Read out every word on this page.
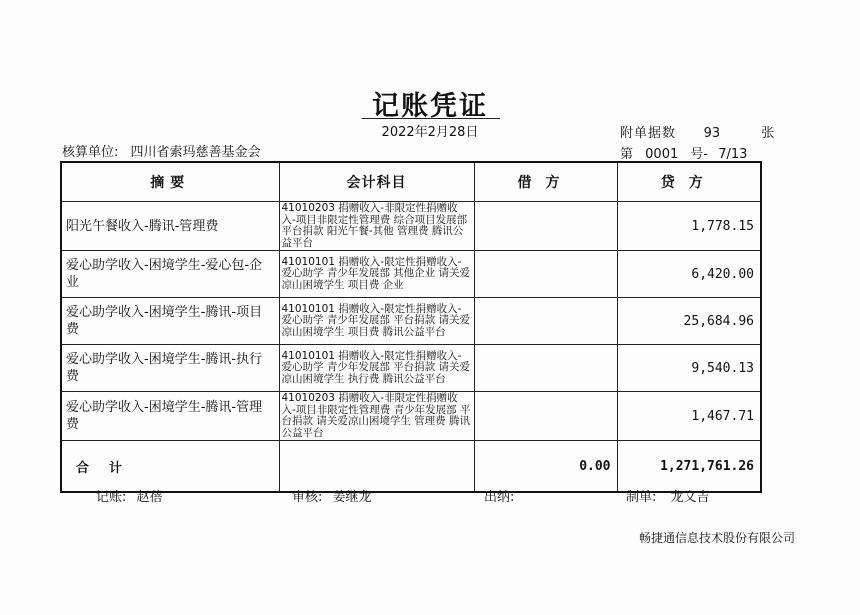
记账凭证
2022年2月28日
核算单位: 四川省索玛慈善基金会
附单据数 93	张
第 0001 号- 7/13
摘要	会计科目	借方	贷方
阳光午餐收入-腾讯-管理费	41010203 捐赠收入-非限定性捐赠收入-项目非限定性管理费 综合项目发展部 平台捐款 阳光午餐-其他 管理费 腾讯公益平台		1,778.15
爱心助学收入-困境学生-爱心包-企业	41010101 捐赠收入-限定性捐赠收入-爱心助学 青少年发展部 其他企业 请关爱凉山困境学生 项目费 企业		6,420.00
爱心助学收入-困境学生-腾讯-项目费	41010101 捐赠收入-限定性捐赠收入-爱心助学 青少年发展部 平台捐款 请关爱凉山困境学生 项目费 腾讯公益平台		25,684.96
爱心助学收入-困境学生-腾讯-执行费	41010101 捐赠收入-限定性捐赠收入-爱心助学 青少年发展部 平台捐款 请关爱凉山困境学生 执行费 腾讯公益平台		9,540.13
爱心助学收入-困境学生-腾讯-管理费	41010203 捐赠收入-非限定性捐赠收入-项目非限定性管理费 青少年发展部 平台捐款 请关爱凉山困境学生 管理费 腾讯公益平台		1,467.71
合计		0.00	1,271,761.26
记账: 赵蓓	审核: 姜继龙	出纳:	制单: 龙文吉
畅捷通信息技术股份有限公司
